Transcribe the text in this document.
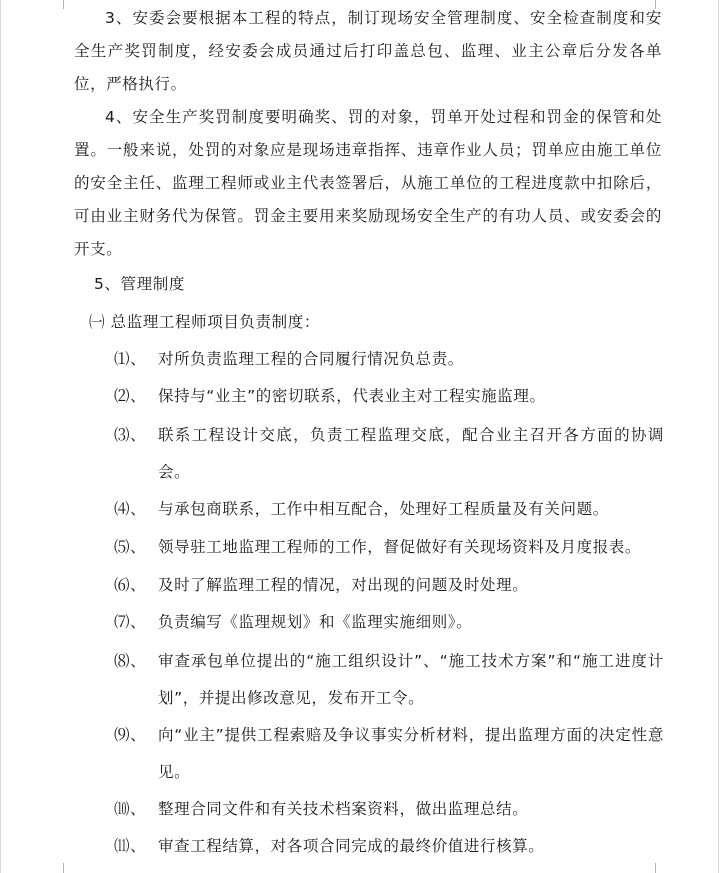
3、安委会要根据本工程的特点，制订现场安全管理制度、安全检查制度和安全生产奖罚制度，经安委会成员通过后打印盖总包、监理、业主公章后分发各单位，严格执行。
4、安全生产奖罚制度要明确奖、罚的对象，罚单开处过程和罚金的保管和处置。一般来说，处罚的对象应是现场违章指挥、违章作业人员；罚单应由施工单位的安全主任、监理工程师或业主代表签署后，从施工单位的工程进度款中扣除后，可由业主财务代为保管。罚金主要用来奖励现场安全生产的有功人员、或安委会的开支。
5、管理制度
㈠ 总监理工程师项目负责制度：
⑴、 对所负责监理工程的合同履行情况负总责。
⑵、 保持与“业主”的密切联系，代表业主对工程实施监理。
⑶、 联系工程设计交底，负责工程监理交底，配合业主召开各方面的协调会。
⑷、 与承包商联系，工作中相互配合，处理好工程质量及有关问题。
⑸、 领导驻工地监理工程师的工作，督促做好有关现场资料及月度报表。
⑹、 及时了解监理工程的情况，对出现的问题及时处理。
⑺、 负责编写《监理规划》和《监理实施细则》。
⑻、 审查承包单位提出的“施工组织设计”、“施工技术方案”和“施工进度计划”，并提出修改意见，发布开工令。
⑼、 向“业主”提供工程索赔及争议事实分析材料，提出监理方面的决定性意见。
⑽、 整理合同文件和有关技术档案资料，做出监理总结。
⑾、 审查工程结算，对各项合同完成的最终价值进行核算。
